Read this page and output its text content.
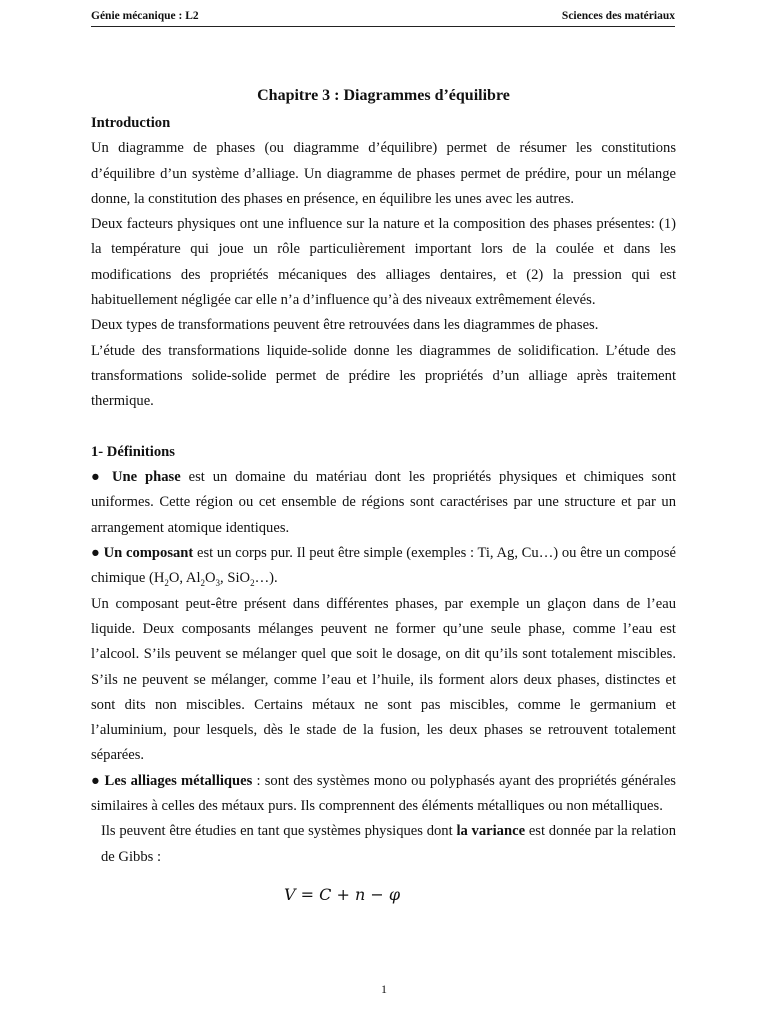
Génie mécanique : L2	Sciences des matériaux
Chapitre 3 : Diagrammes d’équilibre
Introduction

Un diagramme de phases (ou diagramme d’équilibre) permet de résumer les constitutions d’équilibre d’un système d’alliage. Un diagramme de phases permet de prédire, pour un mélange donne, la constitution des phases en présence, en équilibre les unes avec les autres.

Deux facteurs physiques ont une influence sur la nature et la composition des phases présentes: (1) la température qui joue un rôle particulièrement important lors de la coulée et dans les modifications des propriétés mécaniques des alliages dentaires, et (2) la pression qui est habituellement négligée car elle n’a d’influence qu’à des niveaux extrêmement élevés.

Deux types de transformations peuvent être retrouvées dans les diagrammes de phases.

L’étude des transformations liquide-solide donne les diagrammes de solidification. L’étude des transformations solide-solide permet de prédire les propriétés d’un alliage après traitement thermique.

1- Définitions

● Une phase est un domaine du matériau dont les propriétés physiques et chimiques sont uniformes. Cette région ou cet ensemble de régions sont caractérises par une structure et par un arrangement atomique identiques.

● Un composant est un corps pur. Il peut être simple (exemples : Ti, Ag, Cu…) ou être un composé chimique ($H_2O$, $Al_2O_3$, SiO$_2$…).

Un composant peut-être présent dans différentes phases, par exemple un glaçon dans de l’eau liquide. Deux composants mélanges peuvent ne former qu’une seule phase, comme l’eau est l’alcool. S’ils peuvent se mélanger quel que soit le dosage, on dit qu’ils sont totalement miscibles. S’ils ne peuvent se mélanger, comme l’eau et l’huile, ils forment alors deux phases, distinctes et sont dits non miscibles. Certains métaux ne sont pas miscibles, comme le germanium et l’aluminium, pour lesquels, dès le stade de la fusion, les deux phases se retrouvent totalement séparées.

● Les alliages métalliques : sont des systèmes mono ou polyphasés ayant des propriétés générales similaires à celles des métaux purs. Ils comprennent des éléments métalliques ou non métalliques.

Ils peuvent être étudies en tant que systèmes physiques dont la variance est donnée par la relation de Gibbs :

V = C + n − φ
1
